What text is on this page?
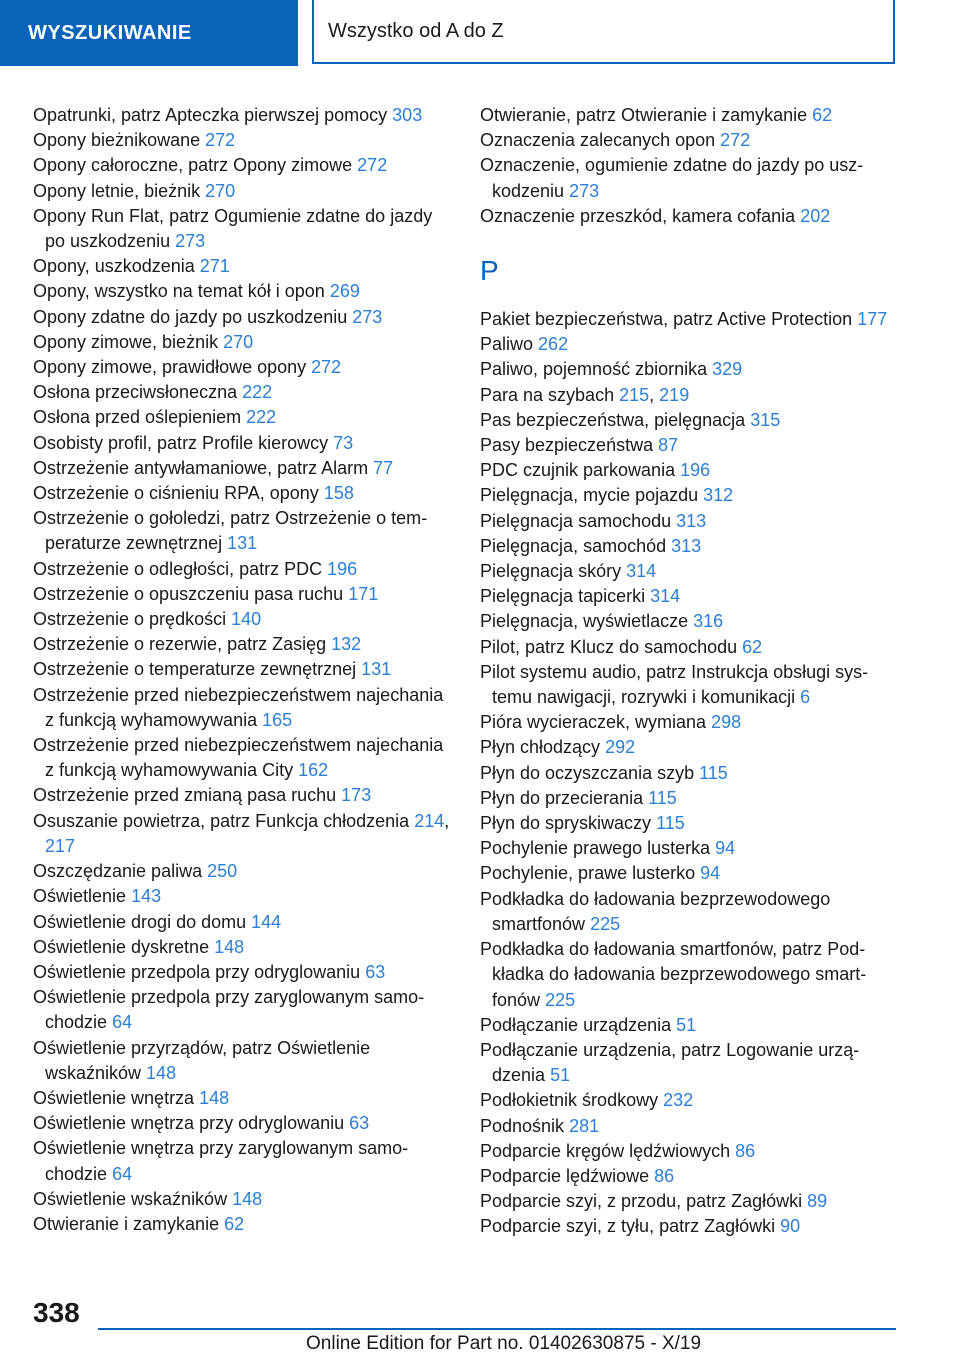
WYSZUKIWANIE	Wszystko od A do Z
Opatrunki, patrz Apteczka pierwszej pomocy 303
Opony bieżnikowane 272
Opony całoroczne, patrz Opony zimowe 272
Opony letnie, bieżnik 270
Opony Run Flat, patrz Ogumienie zdatne do jazdy po uszkodzeniu 273
Opony, uszkodzenia 271
Opony, wszystko na temat kół i opon 269
Opony zdatne do jazdy po uszkodzeniu 273
Opony zimowe, bieżnik 270
Opony zimowe, prawidłowe opony 272
Osłona przeciwsłoneczna 222
Osłona przed oślepieniem 222
Osobisty profil, patrz Profile kierowcy 73
Ostrzeżenie antywłamaniowe, patrz Alarm 77
Ostrzeżenie o ciśnieniu RPA, opony 158
Ostrzeżenie o gołoledzi, patrz Ostrzeżenie o temperaturze zewnętrznej 131
Ostrzeżenie o odległości, patrz PDC 196
Ostrzeżenie o opuszczeniu pasa ruchu 171
Ostrzeżenie o prędkości 140
Ostrzeżenie o rezerwie, patrz Zasięg 132
Ostrzeżenie o temperaturze zewnętrznej 131
Ostrzeżenie przed niebezpieczeństwem najechania z funkcją wyhamowywania 165
Ostrzeżenie przed niebezpieczeństwem najechania z funkcją wyhamowywania City 162
Ostrzeżenie przed zmianą pasa ruchu 173
Osuszanie powietrza, patrz Funkcja chłodzenia 214, 217
Oszczędzanie paliwa 250
Oświetlenie 143
Oświetlenie drogi do domu 144
Oświetlenie dyskretne 148
Oświetlenie przedpola przy odryglowaniu 63
Oświetlenie przedpola przy zaryglowanym samochodzie 64
Oświetlenie przyrządów, patrz Oświetlenie wskaźników 148
Oświetlenie wnętrza 148
Oświetlenie wnętrza przy odryglowaniu 63
Oświetlenie wnętrza przy zaryglowanym samochodzie 64
Oświetlenie wskaźników 148
Otwieranie i zamykanie 62
Otwieranie, patrz Otwieranie i zamykanie 62
Oznaczenia zalecanych opon 272
Oznaczenie, ogumienie zdatne do jazdy po uszkodzeniu 273
Oznaczenie przeszkód, kamera cofania 202
P
Pakiet bezpieczeństwa, patrz Active Protection 177
Paliwo 262
Paliwo, pojemność zbiornika 329
Para na szybach 215, 219
Pas bezpieczeństwa, pielęgnacja 315
Pasy bezpieczeństwa 87
PDC czujnik parkowania 196
Pielęgnacja, mycie pojazdu 312
Pielęgnacja samochodu 313
Pielęgnacja, samochód 313
Pielęgnacja skóry 314
Pielęgnacja tapicerki 314
Pielęgnacja, wyświetlacze 316
Pilot, patrz Klucz do samochodu 62
Pilot systemu audio, patrz Instrukcja obsługi systemu nawigacji, rozrywki i komunikacji 6
Pióra wycieraczek, wymiana 298
Płyn chłodzący 292
Płyn do oczyszczania szyb 115
Płyn do przecierania 115
Płyn do spryskiwaczy 115
Pochylenie prawego lusterka 94
Pochylenie, prawe lusterko 94
Podkładka do ładowania bezprzewodowego smartfonów 225
Podkładka do ładowania smartfonów, patrz Podkładka do ładowania bezprzewodowego smartfonów 225
Podłączanie urządzenia 51
Podłączanie urządzenia, patrz Logowanie urządzenia 51
Podłokietnik środkowy 232
Podnośnik 281
Podparcie kręgów lędźwiowych 86
Podparcie lędźwiowe 86
Podparcie szyi, z przodu, patrz Zagłówki 89
Podparcie szyi, z tyłu, patrz Zagłówki 90
338
Online Edition for Part no. 01402630875 - X/19
